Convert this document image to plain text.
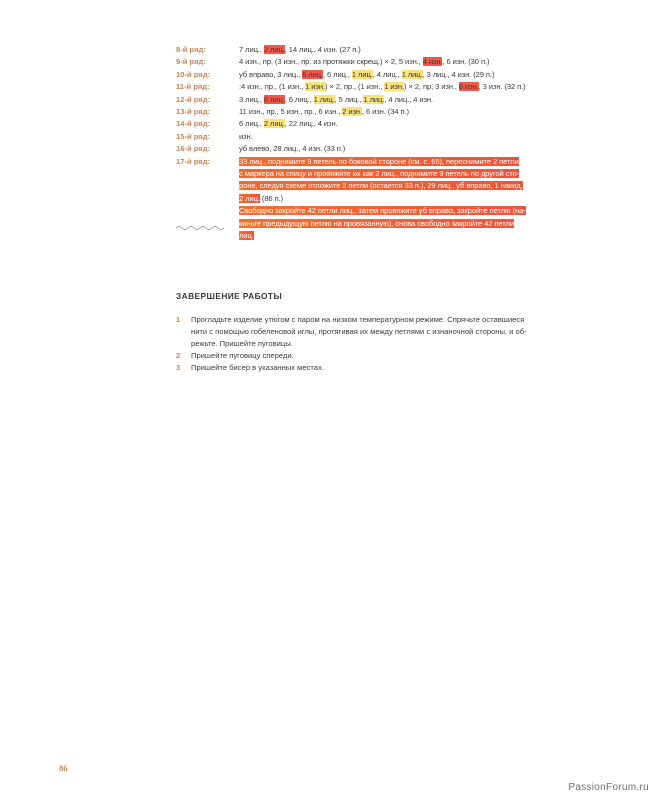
8-й ряд:	7 лиц., 2 лиц., 14 лиц., 4 изн. (27 п.)
9-й ряд:	4 изн., пр. (3 изн., пр. из протяжки скрещ.) × 2, 5 изн., 4 изн., 6 изн. (30 п.)
10-й ряд:	уб вправо, 3 лиц., 6 лиц., 6 лиц., 1 лиц., 4 лиц., 1 лиц., 3 лиц., 4 изн. (29 п.)
11-й ряд:	:4 изн., пр., (1 изн., 1 изн.) × 2, пр., (1 изн., 1 изн.) × 2, пр, 3 изн., 8 изн., 3 изн. (32 п.)
12-й ряд:	3 лиц., 8 лиц., 6 лиц., 1 лиц., 5 лиц., 1 лиц., 4 лиц., 4 изн.
13-й ряд:	11 изн., пр., 5 изн., пр., 6 изн., 2 изн., 6 изн. (34 п.)
14-й ряд:	6 лиц., 2 лиц., 22 лиц., 4 изн.
15-й ряд:	изн.
16-й ряд:	уб влево, 28 лиц., 4 изн. (33 п.)
17-й ряд:	33 лиц., поднимите 9 петель по боковой стороне (см. с. 65), переснимите 2 петли
с маркера на спицу и провяжите их как 2 лиц., поднимите 9 петель по другой сто-
роне, следуя схеме отложите 2 петли (остается 33 п.), 29 лиц., уб вправо, 1 накид,
2 лиц. (86 п.)
Свободно закройте 42 петли лиц., затем провяжите уб вправо, закройте петлю (на-
киньте предыдущую петлю на провязанную), снова свободно закройте 42 петли
лиц.
ЗАВЕРШЕНИЕ РАБОТЫ
1	Прогладьте изделие утюгом с паром на низком температурном режиме. Спрячьте оставшиеся
нити с помощью гобеленовой иглы, протягивая их между петлями с изнаночной стороны, и об-
режьте. Пришейте пуговицы.
2	Пришейте пуговицу спереди.
3	Пришейте бисер в указанных местах.
86
PassionForum.ru
